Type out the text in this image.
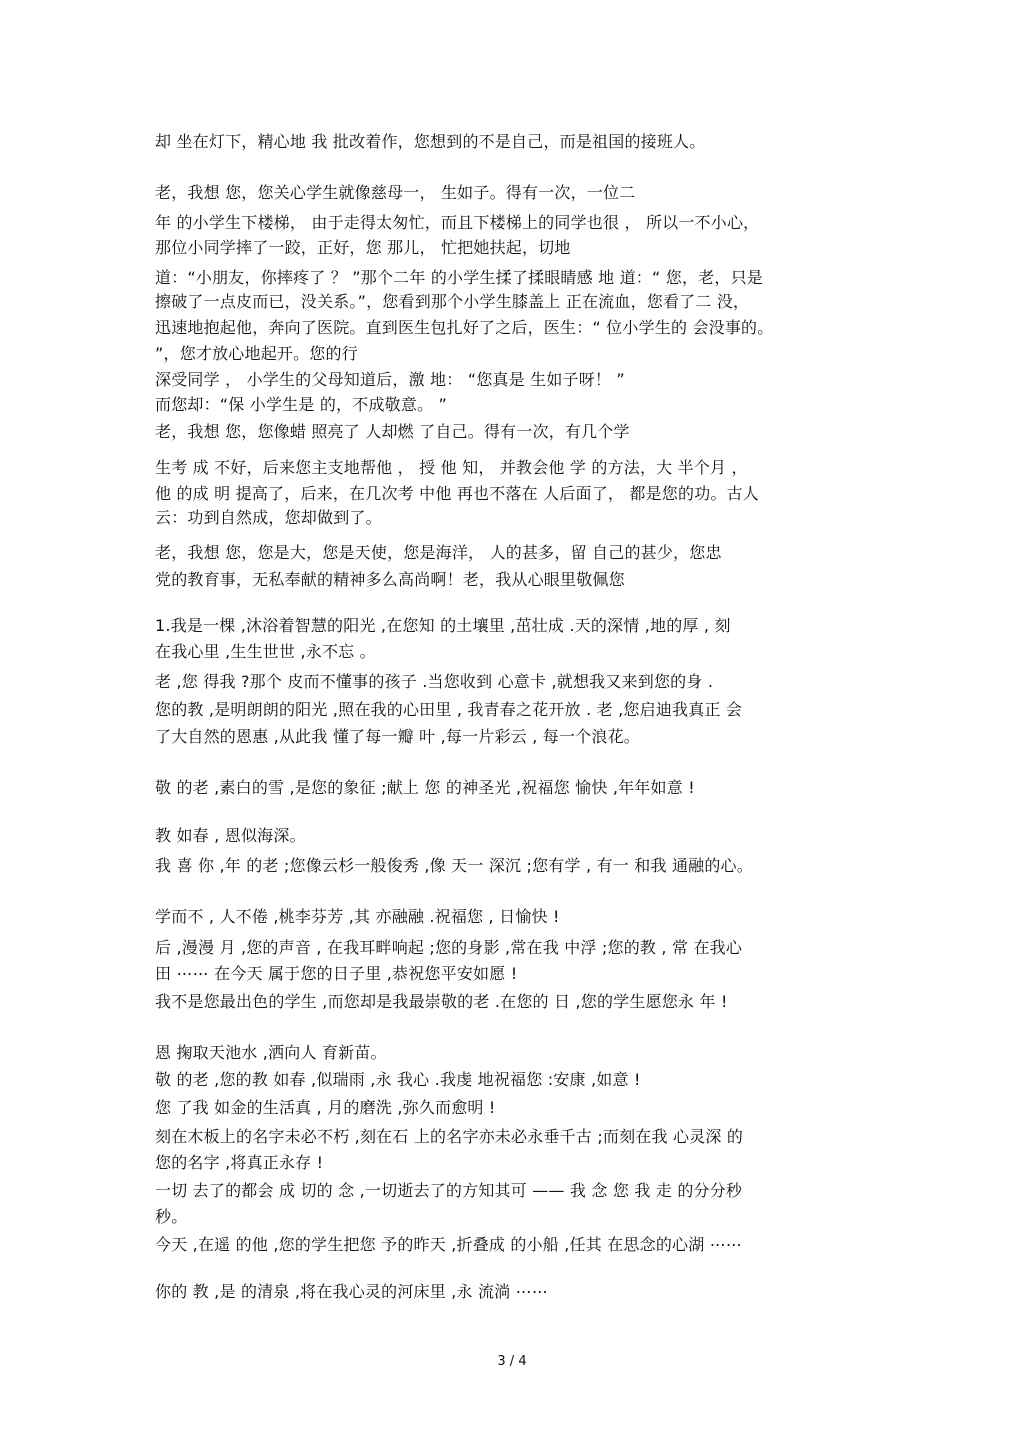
却 坐在灯下，精心地 我 批改着作，您想到的不是自己，而是祖国的接班人。
老，我想 您，您关心学生就像慈母一， 生如子。得有一次，一位二
年 的小学生下楼梯， 由于走得太匆忙，而且下楼梯上的同学也很 ， 所以一不小心，
那位小同学摔了一跤，正好，您 那儿， 忙把她扶起，切地
道：“小朋友，你摔疼了 ？ ”那个二年 的小学生揉了揉眼睛感 地 道：“ 您，老，只是
擦破了一点皮而已，没关系。”，您看到那个小学生膝盖上 正在流血，您看了二 没，
迅速地抱起他，奔向了医院。直到医生包扎好了之后，医生：“ 位小学生的 会没事的。
”，您才放心地起开。您的行
深受同学 ， 小学生的父母知道后，激 地： “您真是 生如子呀！ ”
而您却：“保 小学生是 的，不成敬意。 ”
老，我想 您，您像蜡 照亮了 人却燃 了自己。得有一次，有几个学
生考 成 不好，后来您主支地帮他 ， 授 他 知， 并教会他 学 的方法，大 半个月 ，
他 的成 明 提高了，后来，在几次考 中他 再也不落在 人后面了， 都是您的功。古人
云：功到自然成，您却做到了。
老，我想 您，您是大，您是天使，您是海洋， 人的甚多，留 自己的甚少，您忠
党的教育事，无私奉献的精神多么高尚啊！老，我从心眼里敬佩您
1.我是一棵 ,沐浴着智慧的阳光 ,在您知 的土壤里 ,茁壮成 .天的深情 ,地的厚 , 刻
在我心里 ,生生世世 ,永不忘 。
老 ,您 得我 ?那个 皮而不懂事的孩子 .当您收到 心意卡 ,就想我又来到您的身 .
您的教 ,是明朗朗的阳光 ,照在我的心田里 , 我青春之花开放 . 老 ,您启迪我真正 会
了大自然的恩惠 ,从此我 懂了每一瓣 叶 ,每一片彩云 , 每一个浪花。
敬 的老 ,素白的雪 ,是您的象征 ;献上 您 的神圣光 ,祝福您 愉快 ,年年如意 !
教 如春 , 恩似海深。
我 喜 你 ,年 的老 ;您像云杉一般俊秀 ,像 天一 深沉 ;您有学 , 有一 和我 通融的心。
学而不 , 人不倦 ,桃李芬芳 ,其 亦融融 .祝福您 , 日愉快 !
后 ,漫漫 月 ,您的声音 , 在我耳畔响起 ;您的身影 ,常在我 中浮 ;您的教 , 常 在我心
田 ⋯⋯ 在今天 属于您的日子里 ,恭祝您平安如愿 !
我不是您最出色的学生 ,而您却是我最崇敬的老 .在您的 日 ,您的学生愿您永 年 !
恩 掬取天池水 ,洒向人 育新苗。
敬 的老 ,您的教 如春 ,似瑞雨 ,永 我心 .我虔 地祝福您 :安康 ,如意 !
您 了我 如金的生活真 , 月的磨洗 ,弥久而愈明 !
刻在木板上的名字未必不朽 ,刻在石 上的名字亦未必永垂千古 ;而刻在我 心灵深 的
您的名字 ,将真正永存 !
一切 去了的都会 成 切的 念 ,一切逝去了的方知其可 —— 我 念 您 我 走 的分分秒
秒。
今天 ,在遥 的他 ,您的学生把您 予的昨天 ,折叠成 的小船 ,任其 在思念的心湖 ⋯⋯
你的 教 ,是 的清泉 ,将在我心灵的河床里 ,永 流淌 ⋯⋯
3 / 4
